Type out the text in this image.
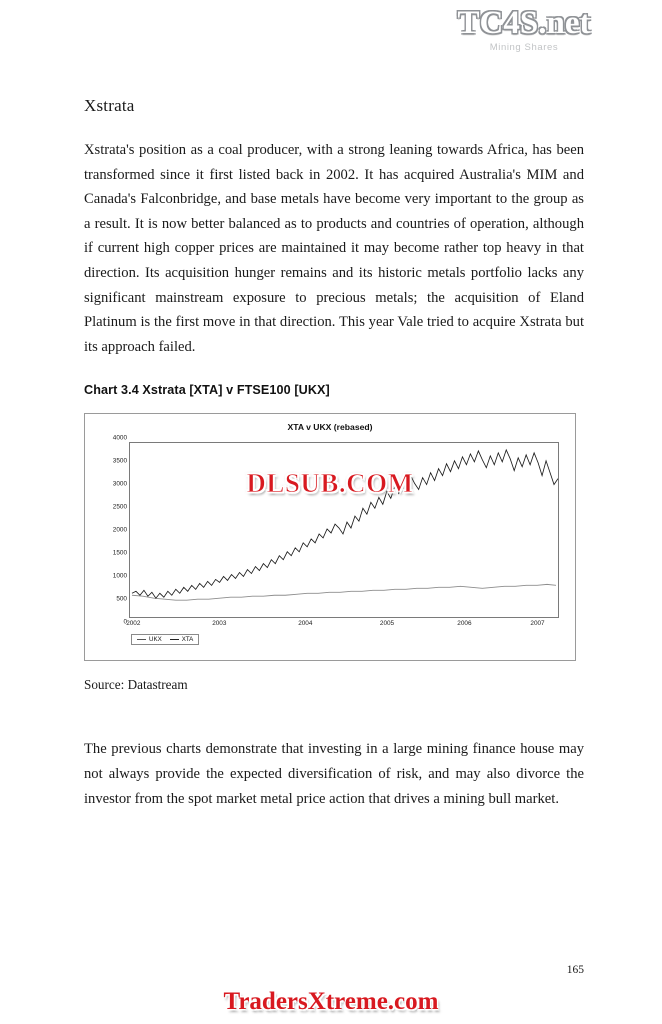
TC4S.net
Mining Shares
Xstrata

Xstrata's position as a coal producer, with a strong leaning towards Africa, has been transformed since it first listed back in 2002. It has acquired Australia's MIM and Canada's Falconbridge, and base metals have become very important to the group as a result. It is now better balanced as to products and countries of operation, although if current high copper prices are maintained it may become rather top heavy in that direction. Its acquisition hunger remains and its historic metals portfolio lacks any significant mainstream exposure to precious metals; the acquisition of Eland Platinum is the first move in that direction. This year Vale tried to acquire Xstrata but its approach failed.

Chart 3.4 Xstrata [XTA] v FTSE100 [UKX]
XTA v UKX (rebased)
0
500
1000
1500
2000
2500
3000
3500
4000
2002	2003	2004	2005	2006	2007
UKX	XTA
DLSUB.COM

Source: Datastream

The previous charts demonstrate that investing in a large mining finance house may not always provide the expected diversification of risk, and may also divorce the investor from the spot market metal price action that drives a mining bull market.

165
TradersXtreme.com
